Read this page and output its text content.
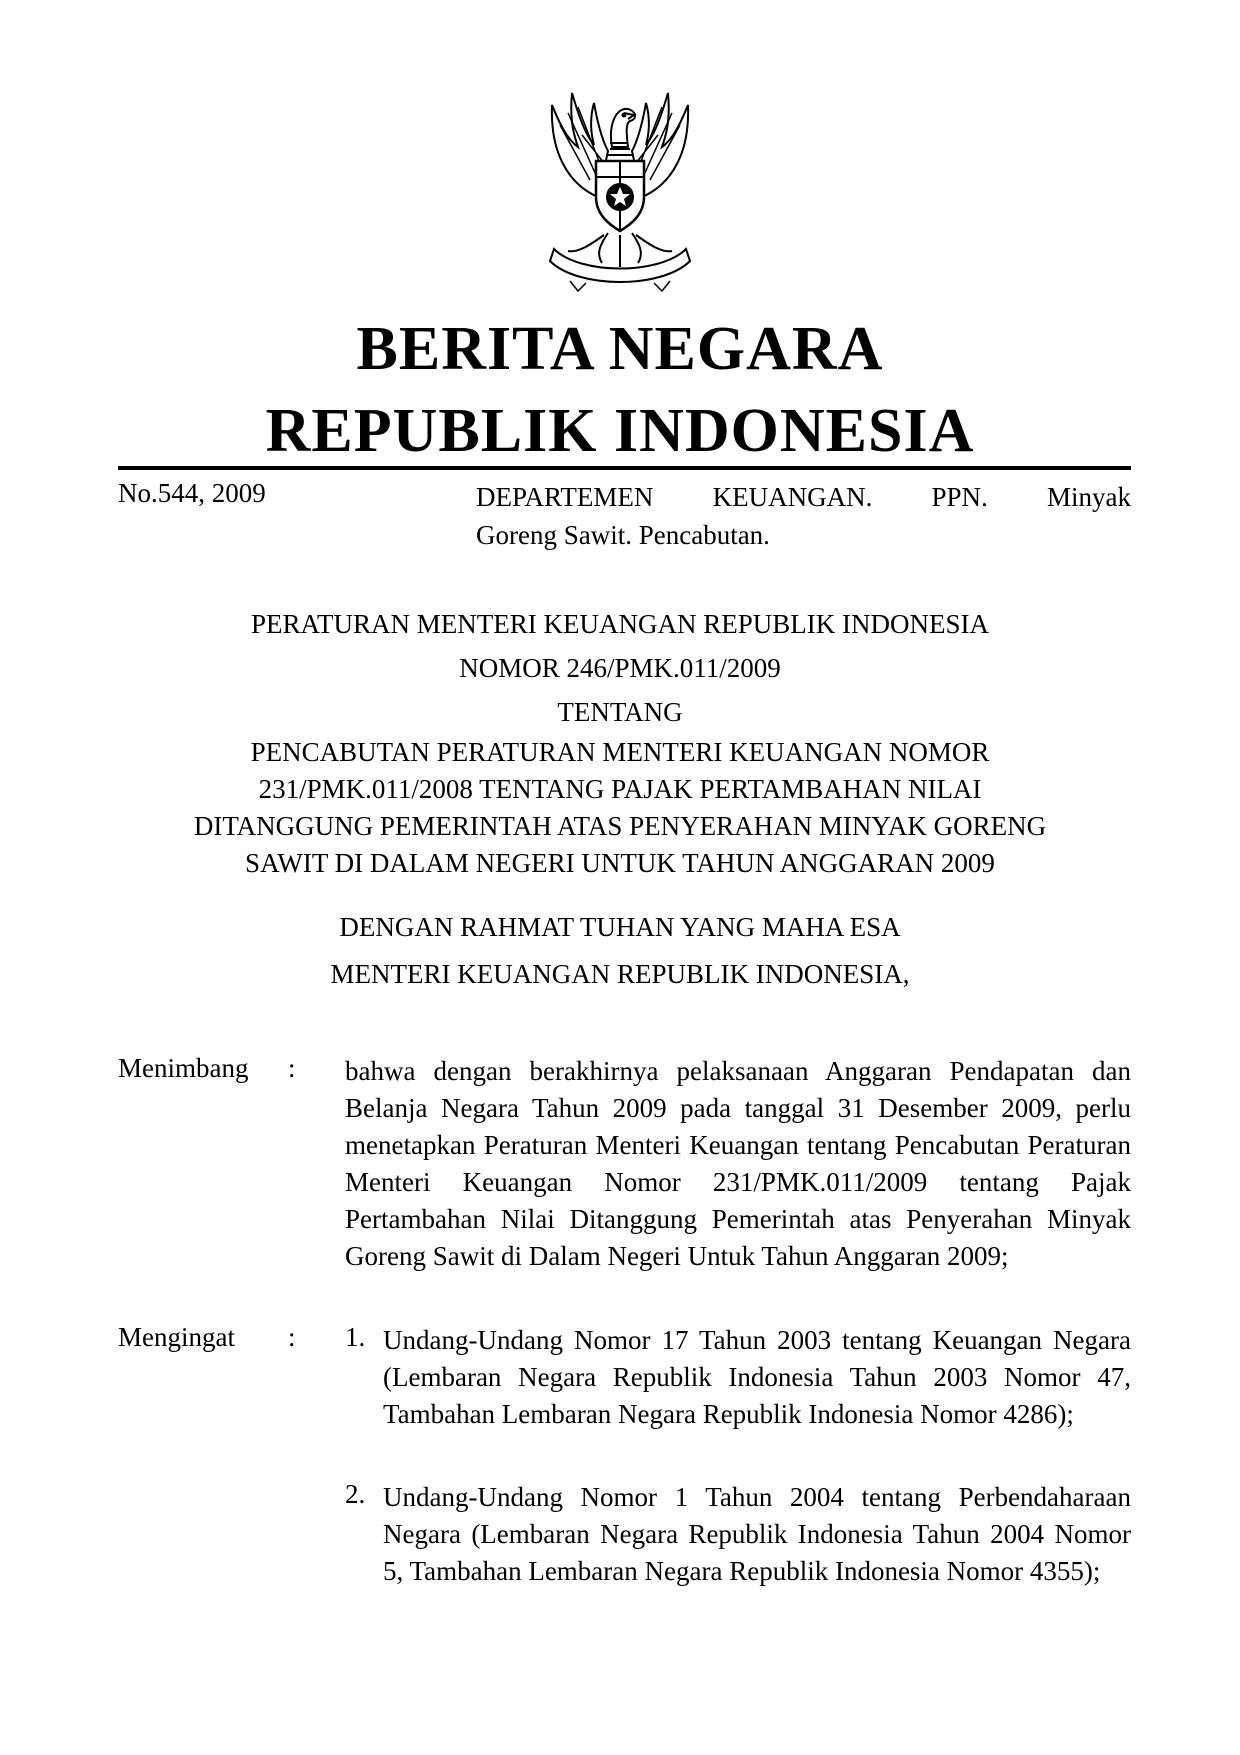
BERITA NEGARA
REPUBLIK INDONESIA
No.544, 2009	DEPARTEMEN KEUANGAN. PPN. Minyak
Goreng Sawit. Pencabutan.
PERATURAN MENTERI KEUANGAN REPUBLIK INDONESIA
NOMOR 246/PMK.011/2009
TENTANG
PENCABUTAN PERATURAN MENTERI KEUANGAN NOMOR
231/PMK.011/2008 TENTANG PAJAK PERTAMBAHAN NILAI
DITANGGUNG PEMERINTAH ATAS PENYERAHAN MINYAK GORENG
SAWIT DI DALAM NEGERI UNTUK TAHUN ANGGARAN 2009
DENGAN RAHMAT TUHAN YANG MAHA ESA
MENTERI KEUANGAN REPUBLIK INDONESIA,
Menimbang : bahwa dengan berakhirnya pelaksanaan Anggaran Pendapatan dan Belanja Negara Tahun 2009 pada tanggal 31 Desember 2009, perlu menetapkan Peraturan Menteri Keuangan tentang Pencabutan Peraturan Menteri Keuangan Nomor 231/PMK.011/2009 tentang Pajak Pertambahan Nilai Ditanggung Pemerintah atas Penyerahan Minyak Goreng Sawit di Dalam Negeri Untuk Tahun Anggaran 2009;
Mengingat : 1. Undang-Undang Nomor 17 Tahun 2003 tentang Keuangan Negara (Lembaran Negara Republik Indonesia Tahun 2003 Nomor 47, Tambahan Lembaran Negara Republik Indonesia Nomor 4286);
2. Undang-Undang Nomor 1 Tahun 2004 tentang Perbendaharaan Negara (Lembaran Negara Republik Indonesia Tahun 2004 Nomor 5, Tambahan Lembaran Negara Republik Indonesia Nomor 4355);
